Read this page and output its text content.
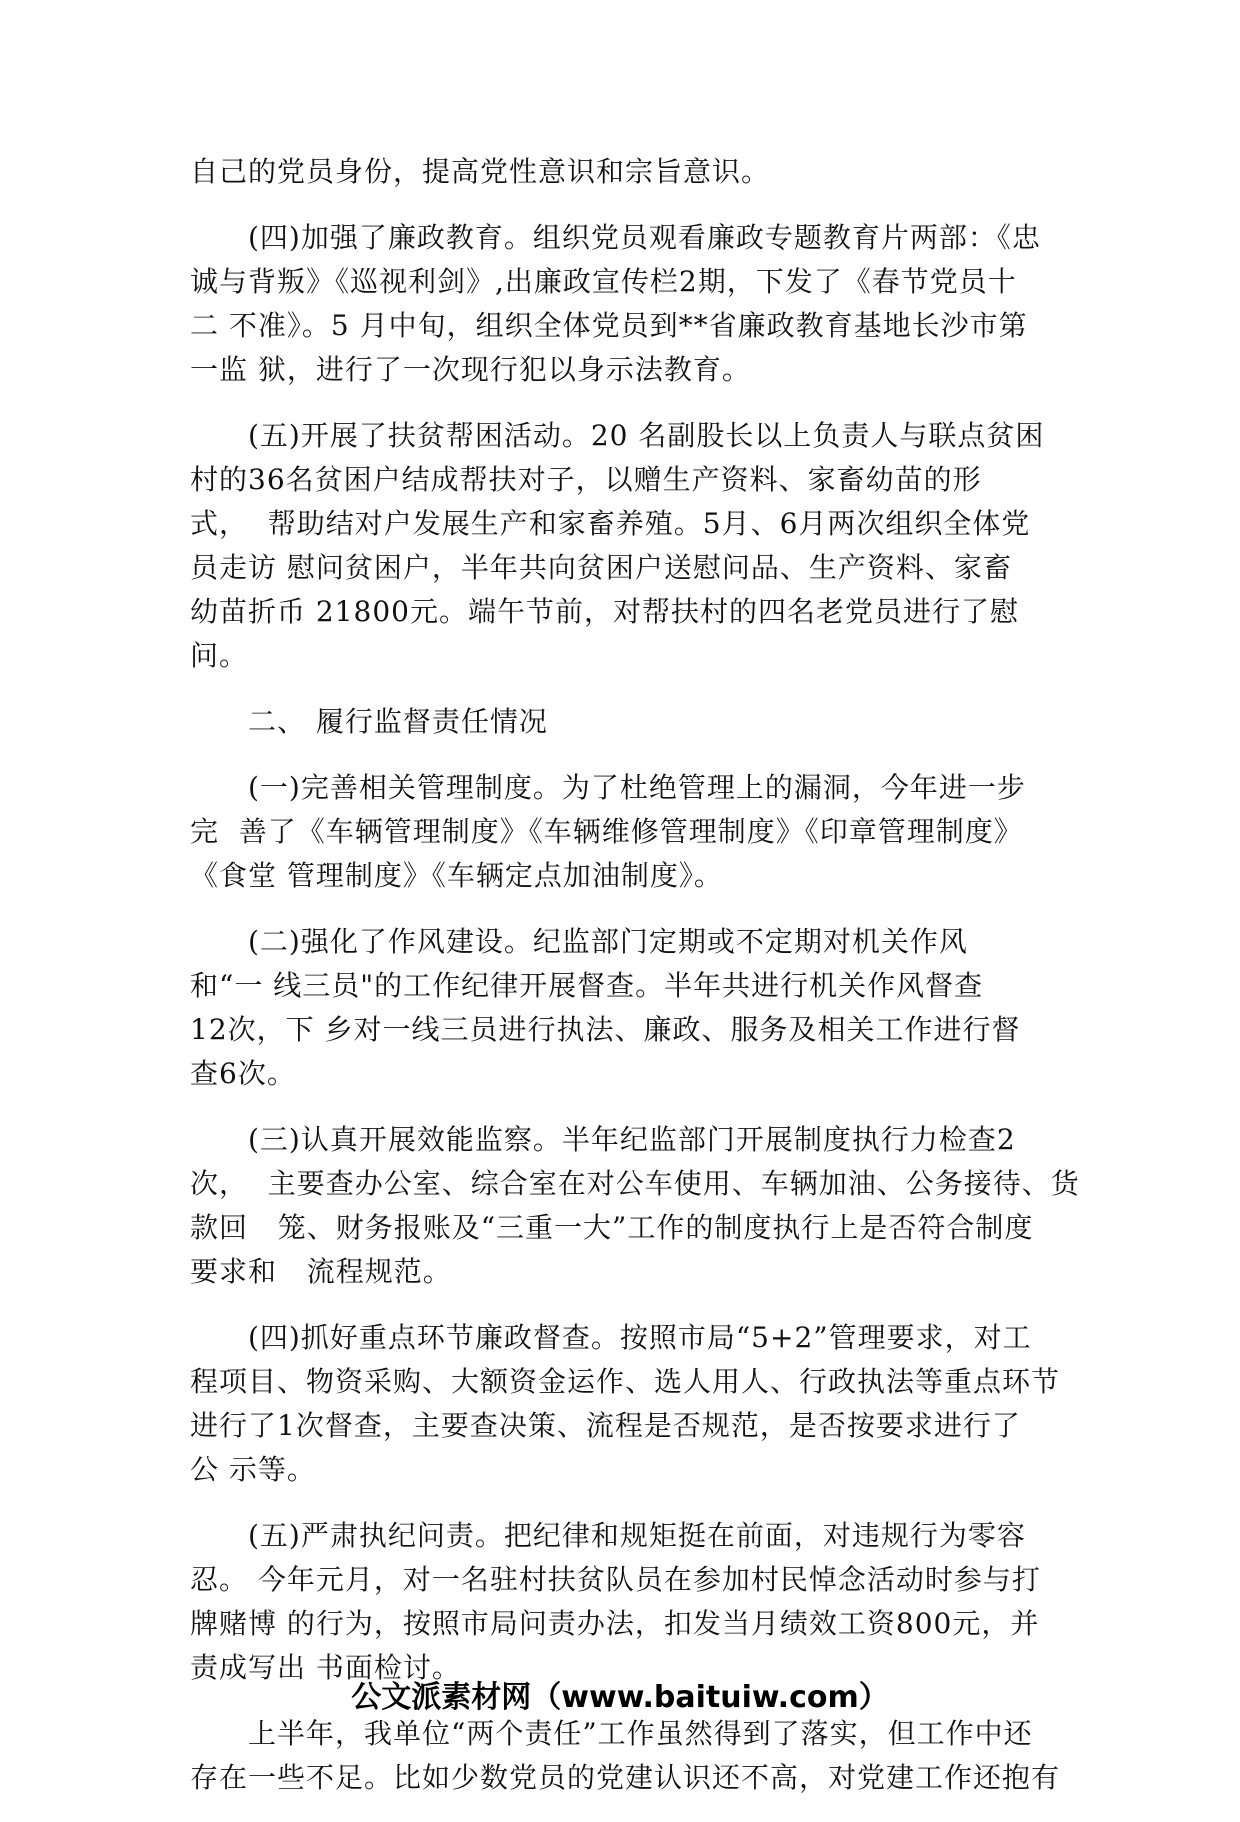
自己的党员身份，提高党性意识和宗旨意识。
(四)加强了廉政教育。组织党员观看廉政专题教育片两部：《忠
诚与背叛》《巡视利剑》,出廉政宣传栏2期，下发了《春节党员十
二 不准》。5 月中旬，组织全体党员到**省廉政教育基地长沙市第
一监 狱，进行了一次现行犯以身示法教育。
(五)开展了扶贫帮困活动。20 名副股长以上负责人与联点贫困
村的36名贫困户结成帮扶对子，以赠生产资料、家畜幼苗的形
式，  帮助结对户发展生产和家畜养殖。5月、6月两次组织全体党
员走访 慰问贫困户，半年共向贫困户送慰问品、生产资料、家畜
幼苗折币 21800元。端午节前，对帮扶村的四名老党员进行了慰
问。
二、 履行监督责任情况
(一)完善相关管理制度。为了杜绝管理上的漏洞，今年进一步
完  善了《车辆管理制度》《车辆维修管理制度》《印章管理制度》
《食堂 管理制度》《车辆定点加油制度》。
(二)强化了作风建设。纪监部门定期或不定期对机关作风
和“一 线三员"的工作纪律开展督查。半年共进行机关作风督查
12次，下 乡对一线三员进行执法、廉政、服务及相关工作进行督
查6次。
(三)认真开展效能监察。半年纪监部门开展制度执行力检查2
次，  主要查办公室、综合室在对公车使用、车辆加油、公务接待、货
款回   笼、财务报账及“三重一大”工作的制度执行上是否符合制度
要求和   流程规范。
(四)抓好重点环节廉政督查。按照市局“5+2”管理要求，对工
程项目、物资采购、大额资金运作、选人用人、行政执法等重点环节
进行了1次督查，主要查决策、流程是否规范，是否按要求进行了
公 示等。
(五)严肃执纪问责。把纪律和规矩挺在前面，对违规行为零容
忍。 今年元月，对一名驻村扶贫队员在参加村民悼念活动时参与打
牌赌博 的行为，按照市局问责办法，扣发当月绩效工资800元，并
责成写出 书面检讨。
上半年，我单位“两个责任”工作虽然得到了落实，但工作中还
存在一些不足。比如少数党员的党建认识还不高，对党建工作还抱有
公文派素材网（www.baituiw.com）
